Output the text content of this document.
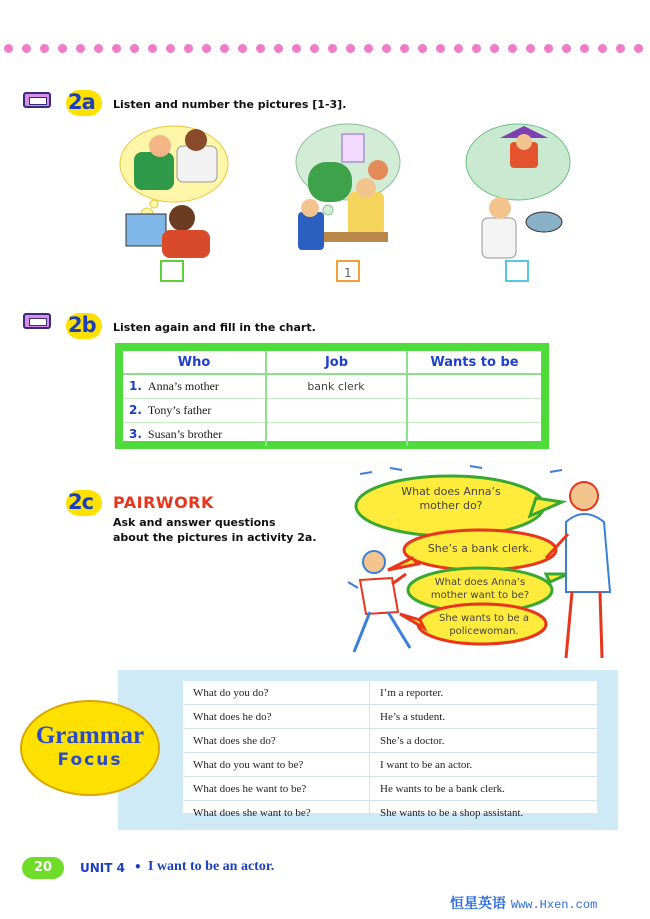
2a Listen and number the pictures [1-3].
1
2b Listen again and fill in the chart.
Who	Job	Wants to be
1. Anna’s mother	bank clerk	
2. Tony’s father		
3. Susan’s brother		
2c PAIRWORK
Ask and answer questions
about the pictures in activity 2a.
What does Anna’s mother do?
She’s a bank clerk.
What does Anna’s mother want to be?
She wants to be a policewoman.
What do you do?	I’m a reporter.
What does he do?	He’s a student.
What does she do?	She’s a doctor.
What do you want to be?	I want to be an actor.
What does he want to be?	He wants to be a bank clerk.
What does she want to be?	She wants to be a shop assistant.
Grammar
Focus
20	UNIT 4 • I want to be an actor.
恒星英语 Www.Hxen.com
